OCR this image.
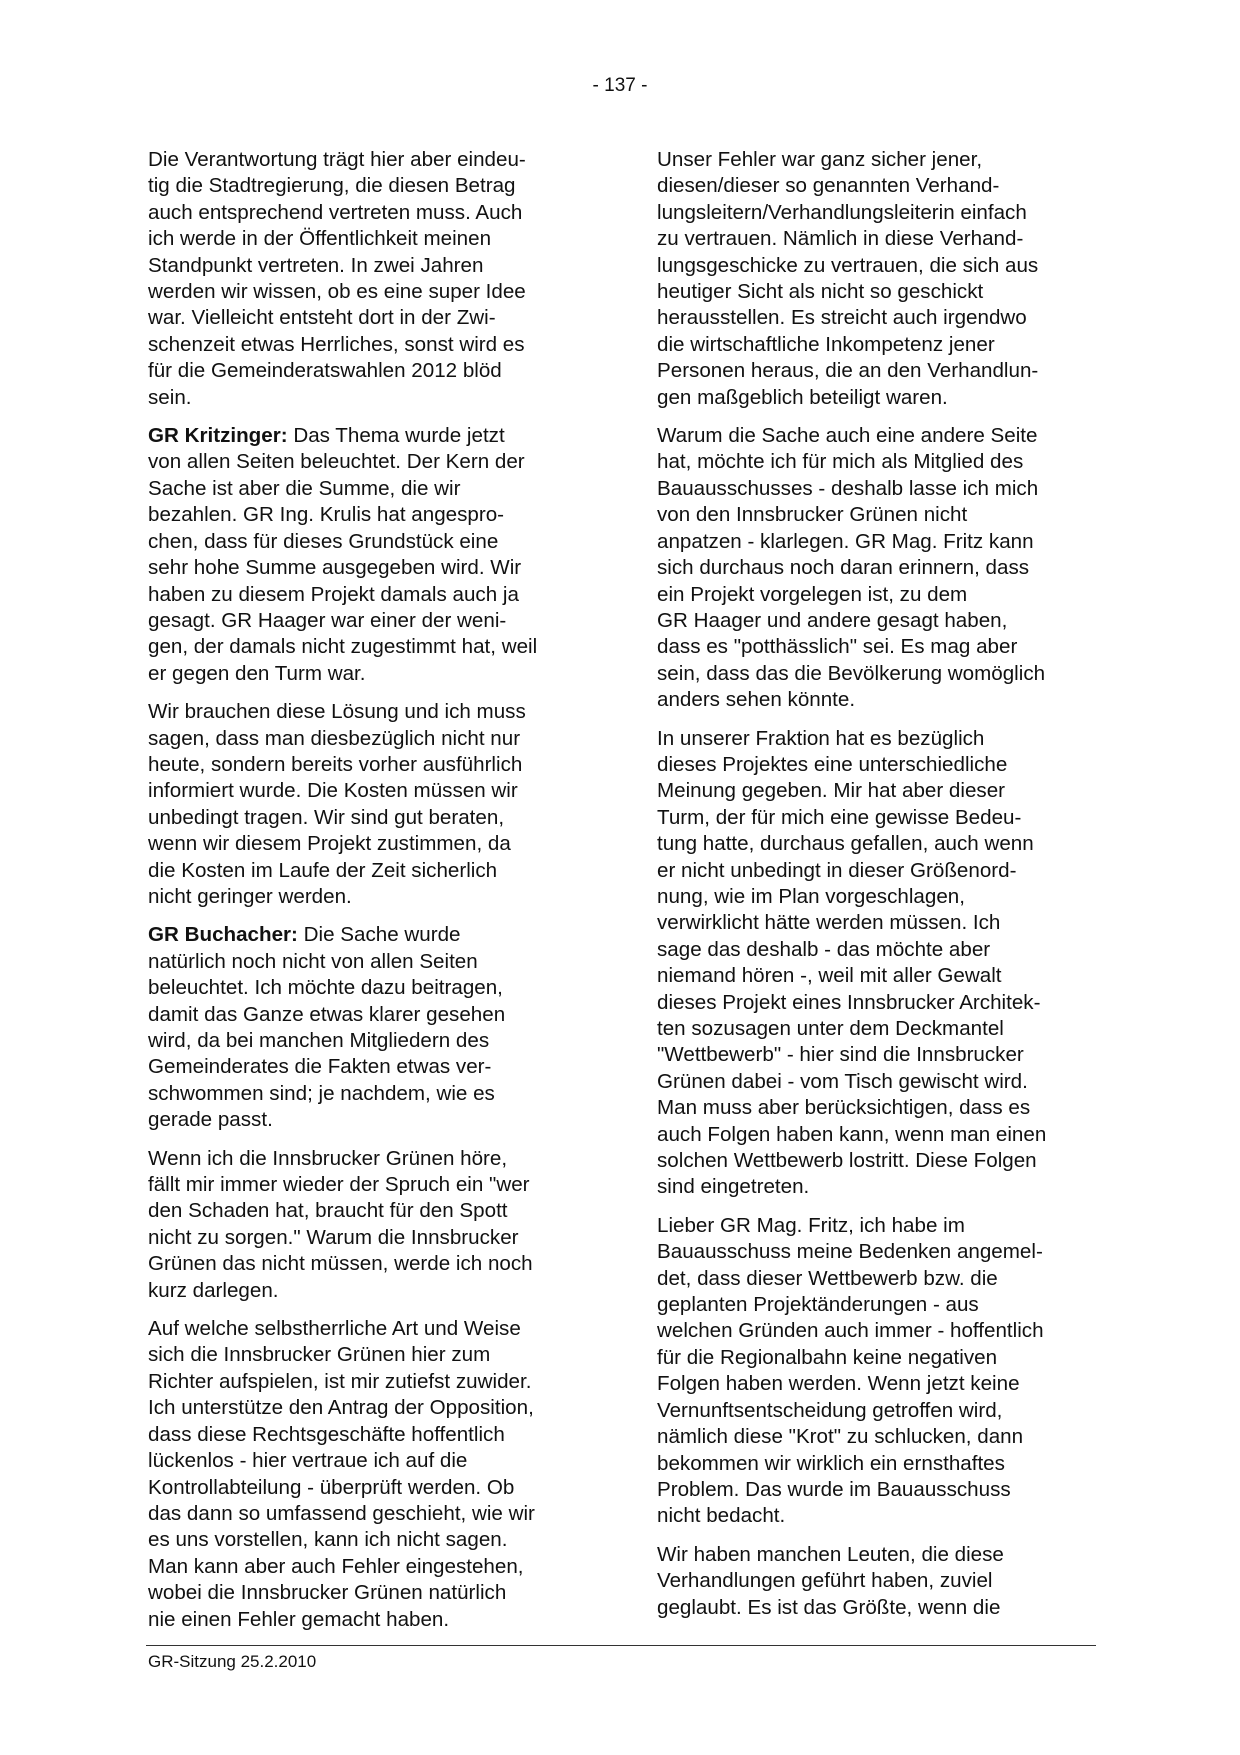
- 137 -
Die Verantwortung trägt hier aber eindeu-
tig die Stadtregierung, die diesen Betrag
auch entsprechend vertreten muss. Auch
ich werde in der Öffentlichkeit meinen
Standpunkt vertreten. In zwei Jahren
werden wir wissen, ob es eine super Idee
war. Vielleicht entsteht dort in der Zwi-
schenzeit etwas Herrliches, sonst wird es
für die Gemeinderatswahlen 2012 blöd
sein.
GR Kritzinger: Das Thema wurde jetzt
von allen Seiten beleuchtet. Der Kern der
Sache ist aber die Summe, die wir
bezahlen. GR Ing. Krulis hat angespro-
chen, dass für dieses Grundstück eine
sehr hohe Summe ausgegeben wird. Wir
haben zu diesem Projekt damals auch ja
gesagt. GR Haager war einer der weni-
gen, der damals nicht zugestimmt hat, weil
er gegen den Turm war.
Wir brauchen diese Lösung und ich muss
sagen, dass man diesbezüglich nicht nur
heute, sondern bereits vorher ausführlich
informiert wurde. Die Kosten müssen wir
unbedingt tragen. Wir sind gut beraten,
wenn wir diesem Projekt zustimmen, da
die Kosten im Laufe der Zeit sicherlich
nicht geringer werden.
GR Buchacher: Die Sache wurde
natürlich noch nicht von allen Seiten
beleuchtet. Ich möchte dazu beitragen,
damit das Ganze etwas klarer gesehen
wird, da bei manchen Mitgliedern des
Gemeinderates die Fakten etwas ver-
schwommen sind; je nachdem, wie es
gerade passt.
Wenn ich die Innsbrucker Grünen höre,
fällt mir immer wieder der Spruch ein "wer
den Schaden hat, braucht für den Spott
nicht zu sorgen." Warum die Innsbrucker
Grünen das nicht müssen, werde ich noch
kurz darlegen.
Auf welche selbstherrliche Art und Weise
sich die Innsbrucker Grünen hier zum
Richter aufspielen, ist mir zutiefst zuwider.
Ich unterstütze den Antrag der Opposition,
dass diese Rechtsgeschäfte hoffentlich
lückenlos - hier vertraue ich auf die
Kontrollabteilung - überprüft werden. Ob
das dann so umfassend geschieht, wie wir
es uns vorstellen, kann ich nicht sagen.
Man kann aber auch Fehler eingestehen,
wobei die Innsbrucker Grünen natürlich
nie einen Fehler gemacht haben.
Unser Fehler war ganz sicher jener,
diesen/dieser so genannten Verhand-
lungsleitern/Verhandlungsleiterin einfach
zu vertrauen. Nämlich in diese Verhand-
lungsgeschicke zu vertrauen, die sich aus
heutiger Sicht als nicht so geschickt
herausstellen. Es streicht auch irgendwo
die wirtschaftliche Inkompetenz jener
Personen heraus, die an den Verhandlun-
gen maßgeblich beteiligt waren.
Warum die Sache auch eine andere Seite
hat, möchte ich für mich als Mitglied des
Bauausschusses - deshalb lasse ich mich
von den Innsbrucker Grünen nicht
anpatzen - klarlegen. GR Mag. Fritz kann
sich durchaus noch daran erinnern, dass
ein Projekt vorgelegen ist, zu dem
GR Haager und andere gesagt haben,
dass es "potthässlich" sei. Es mag aber
sein, dass das die Bevölkerung womöglich
anders sehen könnte.
In unserer Fraktion hat es bezüglich
dieses Projektes eine unterschiedliche
Meinung gegeben. Mir hat aber dieser
Turm, der für mich eine gewisse Bedeu-
tung hatte, durchaus gefallen, auch wenn
er nicht unbedingt in dieser Größenord-
nung, wie im Plan vorgeschlagen,
verwirklicht hätte werden müssen. Ich
sage das deshalb - das möchte aber
niemand hören -, weil mit aller Gewalt
dieses Projekt eines Innsbrucker Architek-
ten sozusagen unter dem Deckmantel
"Wettbewerb" - hier sind die Innsbrucker
Grünen dabei - vom Tisch gewischt wird.
Man muss aber berücksichtigen, dass es
auch Folgen haben kann, wenn man einen
solchen Wettbewerb lostritt. Diese Folgen
sind eingetreten.
Lieber GR Mag. Fritz, ich habe im
Bauausschuss meine Bedenken angemel-
det, dass dieser Wettbewerb bzw. die
geplanten Projektänderungen - aus
welchen Gründen auch immer - hoffentlich
für die Regionalbahn keine negativen
Folgen haben werden. Wenn jetzt keine
Vernunftsentscheidung getroffen wird,
nämlich diese "Krot" zu schlucken, dann
bekommen wir wirklich ein ernsthaftes
Problem. Das wurde im Bauausschuss
nicht bedacht.
Wir haben manchen Leuten, die diese
Verhandlungen geführt haben, zuviel
geglaubt. Es ist das Größte, wenn die
GR-Sitzung 25.2.2010
